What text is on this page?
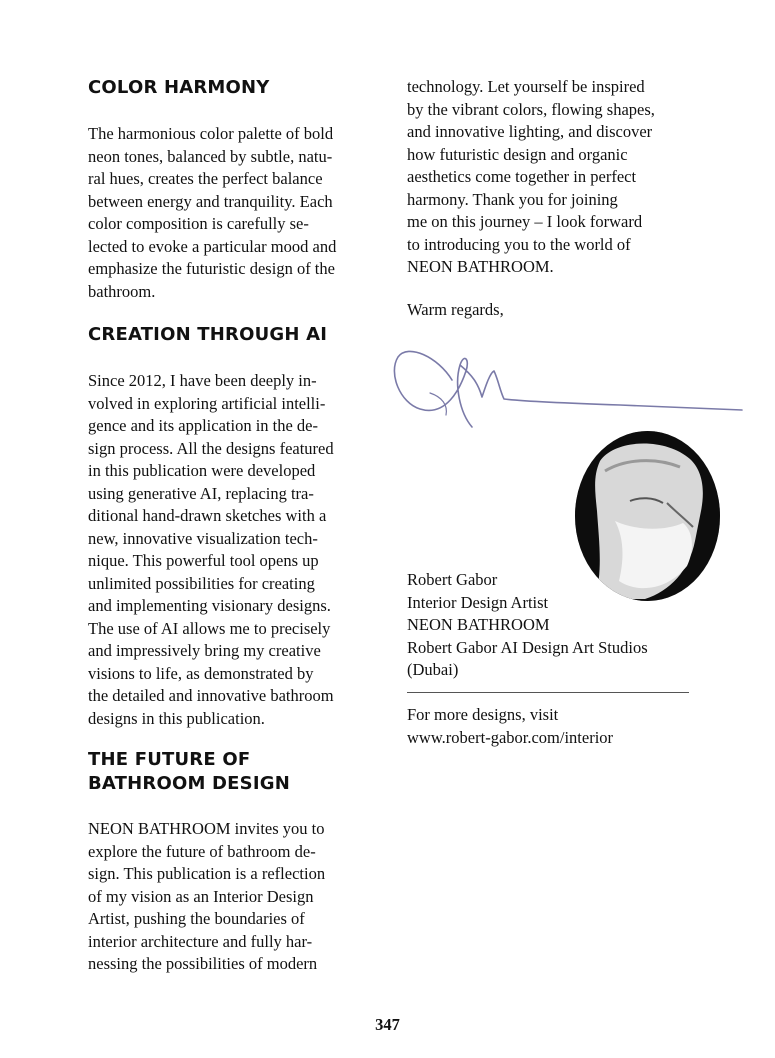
COLOR HARMONY

The harmonious color palette of bold
neon tones, balanced by subtle, natu-
ral hues, creates the perfect balance
between energy and tranquility. Each
color composition is carefully se-
lected to evoke a particular mood and
emphasize the futuristic design of the
bathroom.

CREATION THROUGH AI

Since 2012, I have been deeply in-
volved in exploring artificial intelli-
gence and its application in the de-
sign process. All the designs featured
in this publication were developed
using generative AI, replacing tra-
ditional hand-drawn sketches with a
new, innovative visualization tech-
nique. This powerful tool opens up
unlimited possibilities for creating
and implementing visionary designs.
The use of AI allows me to precisely
and impressively bring my creative
visions to life, as demonstrated by
the detailed and innovative bathroom
designs in this publication.

THE FUTURE OF
BATHROOM DESIGN

NEON BATHROOM invites you to
explore the future of bathroom de-
sign. This publication is a reflection
of my vision as an Interior Design
Artist, pushing the boundaries of
interior architecture and fully har-
nessing the possibilities of modern

technology. Let yourself be inspired
by the vibrant colors, flowing shapes,
and innovative lighting, and discover
how futuristic design and organic
aesthetics come together in perfect
harmony. Thank you for joining
me on this journey – I look forward
to introducing you to the world of
NEON BATHROOM.

Warm regards,

Robert Gabor
Interior Design Artist
NEON BATHROOM
Robert Gabor AI Design Art Studios
(Dubai)

For more designs, visit
www.robert-gabor.com/interior

347
